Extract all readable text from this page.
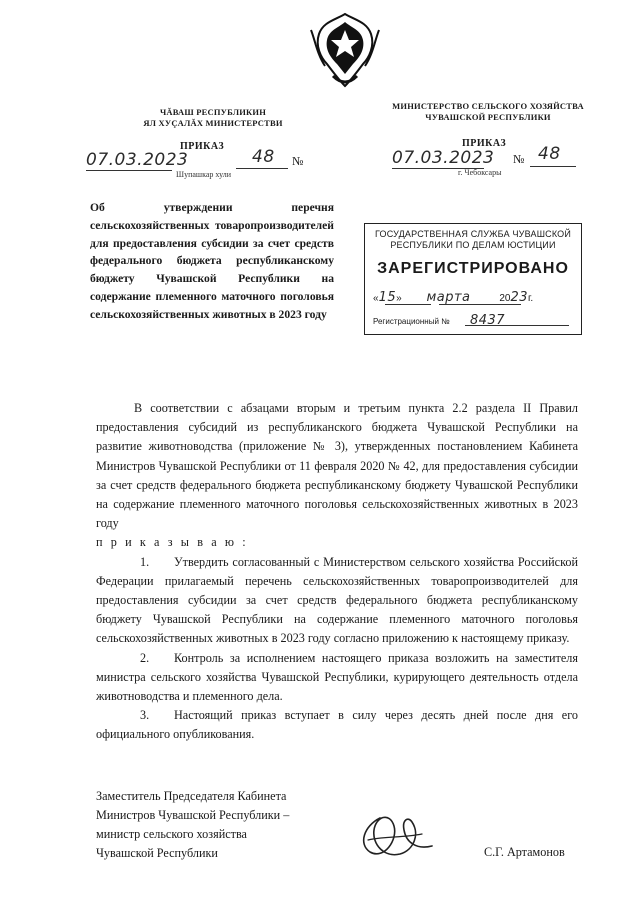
ЧĂВАШ РЕСПУБЛИКИН
ЯЛ ХУÇАЛĂХ МИНИСТЕРСТВИ
МИНИСТЕРСТВО СЕЛЬСКОГО ХОЗЯЙСТВА
ЧУВАШСКОЙ РЕСПУБЛИКИ
ПРИКАЗ	ПРИКАЗ
07.03.2023	48 №
Шупашкар хули
07.03.2023 № 48
г. Чебоксары
Об утверждении перечня сельскохозяйственных товаропроизводителей для предоставления субсидии за счет средств федерального бюджета республиканскому бюджету Чувашской Республики на содержание племенного маточного поголовья сельскохозяйственных животных в 2023 году
ГОСУДАРСТВЕННАЯ СЛУЖБА ЧУВАШСКОЙ
РЕСПУБЛИКИ ПО ДЕЛАМ ЮСТИЦИИ
ЗАРЕГИСТРИРОВАНО
«15» марта	2023г.
Регистрационный № 8437

В соответствии с абзацами вторым и третьим пункта 2.2 раздела II Правил предоставления субсидий из республиканского бюджета Чувашской Республики на развитие животноводства (приложение № 3), утвержденных постановлением Кабинета Министров Чувашской Республики от 11 февраля 2020 № 42, для предоставления субсидии за счет средств федерального бюджета республиканскому бюджету Чувашской Республики на содержание племенного маточного поголовья сельскохозяйственных животных в 2023 году

п р и к а з ы в а ю :

1. Утвердить согласованный с Министерством сельского хозяйства Российской Федерации прилагаемый перечень сельскохозяйственных товаропроизводителей для предоставления субсидии за счет средств федерального бюджета республиканскому бюджету Чувашской Республики на содержание племенного маточного поголовья сельскохозяйственных животных в 2023 году согласно приложению к настоящему приказу.

2. Контроль за исполнением настоящего приказа возложить на заместителя министра сельского хозяйства Чувашской Республики, курирующего деятельность отдела животноводства и племенного дела.

3. Настоящий приказ вступает в силу через десять дней после дня его официального опубликования.

Заместитель Председателя Кабинета
Министров Чувашской Республики –
министр сельского хозяйства
Чувашской Республики	С.Г. Артамонов
